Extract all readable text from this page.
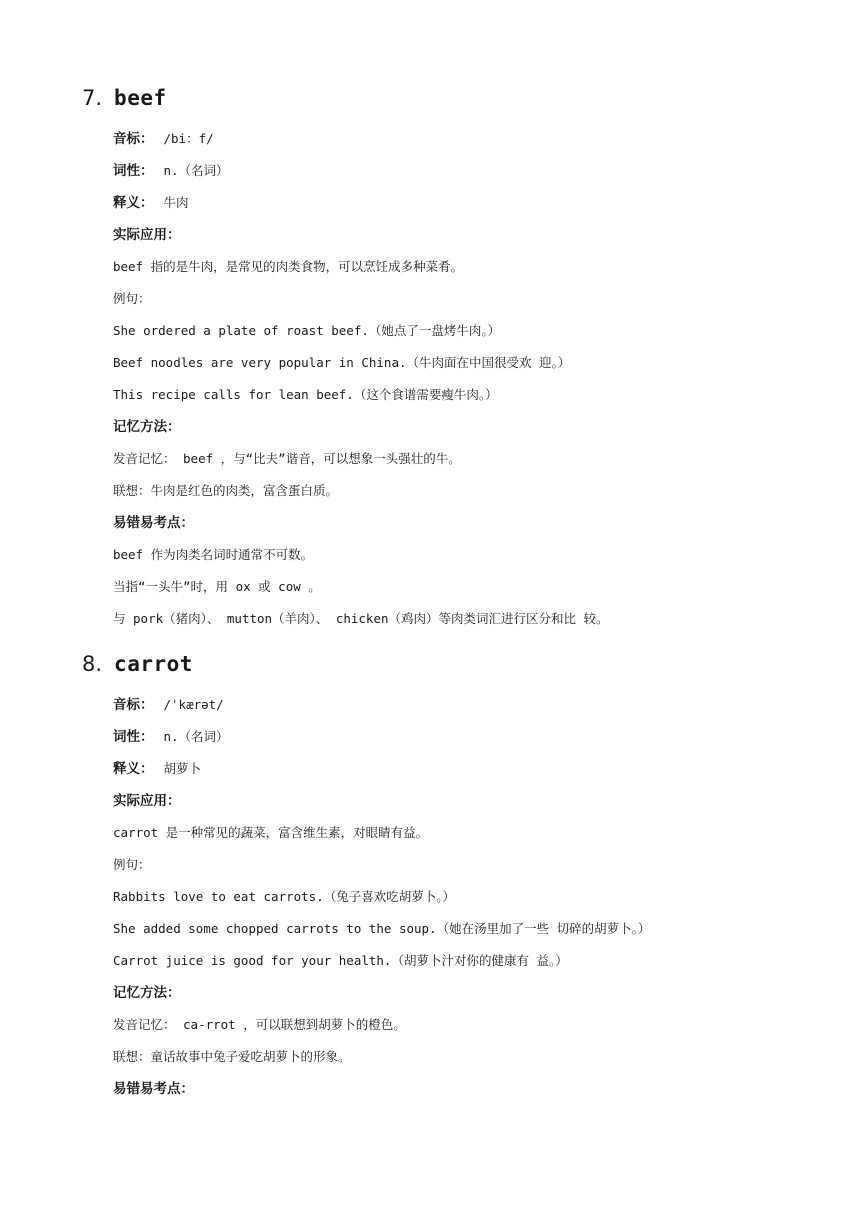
7. beef
音标： /bi：f/
词性： n.（名词）
释义： 牛肉
实际应用：
beef 指的是牛肉，是常见的肉类食物，可以烹饪成多种菜肴。
例句：
She ordered a plate of roast beef.（她点了一盘烤牛肉。）
Beef noodles are very popular in China.（牛肉面在中国很受欢 迎。）
This recipe calls for lean beef.（这个食谱需要瘦牛肉。）
记忆方法：
发音记忆： beef ，与“比夫”谐音，可以想象一头强壮的牛。
联想：牛肉是红色的肉类，富含蛋白质。
易错易考点：
beef 作为肉类名词时通常不可数。
当指“一头牛”时，用 ox 或 cow 。
与 pork（猪肉）、 mutton（羊肉）、 chicken（鸡肉）等肉类词汇进行区分和比 较。
8. carrot
音标： /ˈkærət/
词性： n.（名词）
释义： 胡萝卜
实际应用：
carrot 是一种常见的蔬菜，富含维生素，对眼睛有益。
例句：
Rabbits love to eat carrots.（兔子喜欢吃胡萝卜。）
She added some chopped carrots to the soup.（她在汤里加了一些 切碎的胡萝卜。）
Carrot juice is good for your health.（胡萝卜汁对你的健康有 益。）
记忆方法：
发音记忆： ca-rrot ，可以联想到胡萝卜的橙色。
联想：童话故事中兔子爱吃胡萝卜的形象。
易错易考点：
